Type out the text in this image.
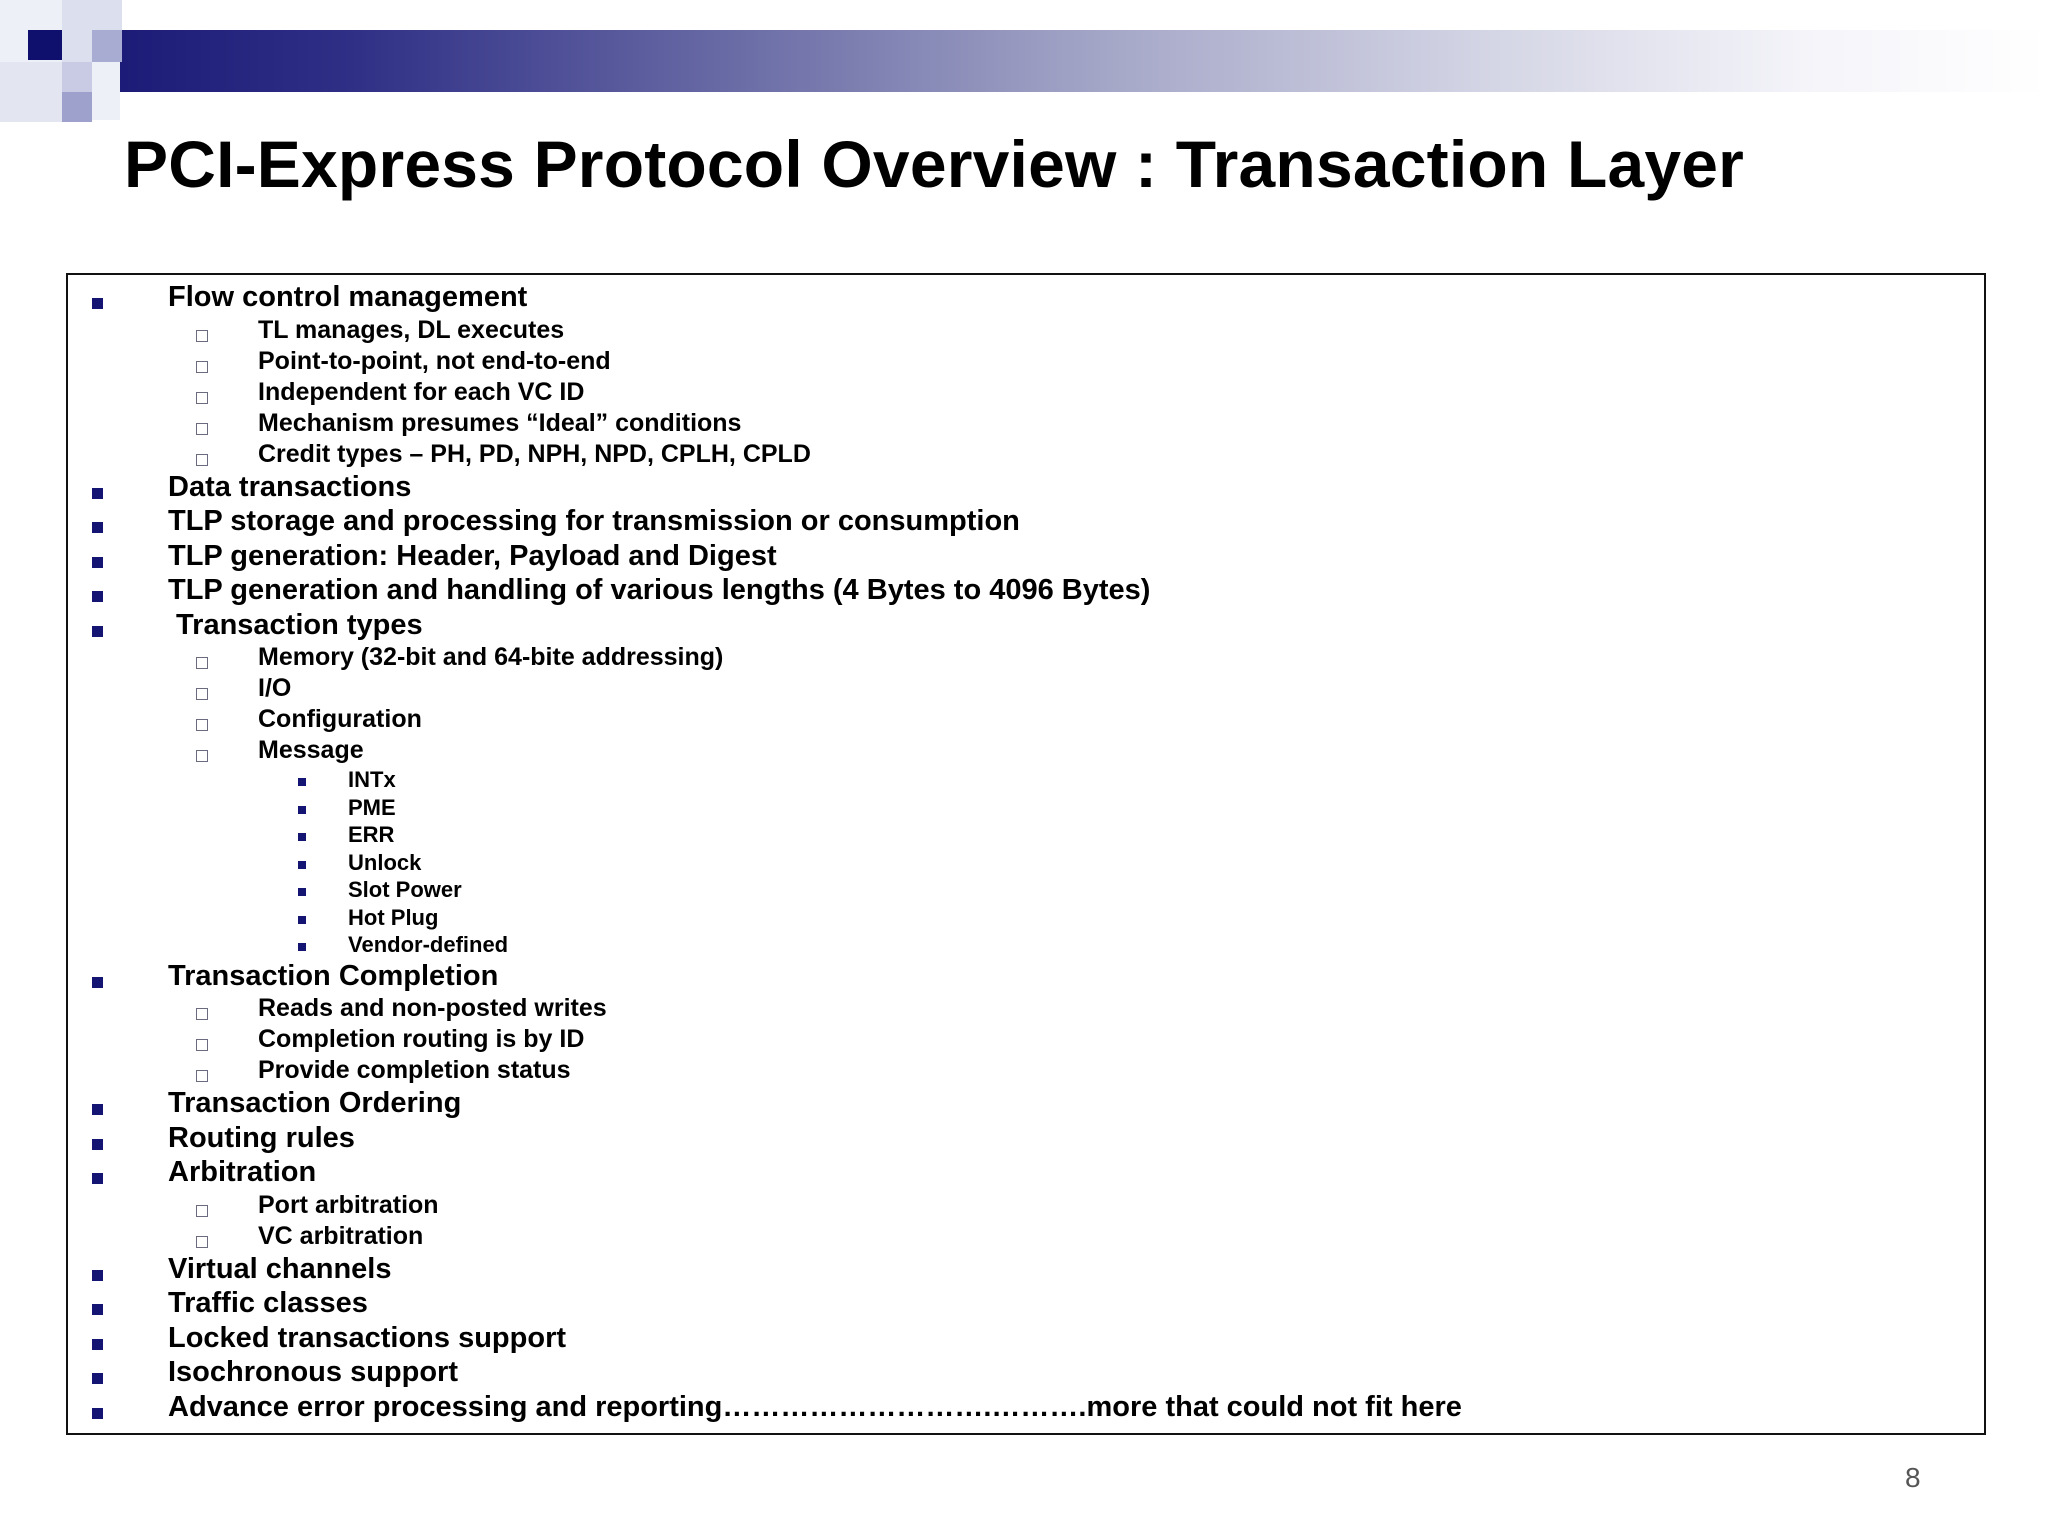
PCI-Express Protocol Overview : Transaction Layer
Flow control management
TL manages, DL executes
Point-to-point, not end-to-end
Independent for each VC ID
Mechanism presumes “Ideal” conditions
Credit types – PH, PD, NPH, NPD, CPLH, CPLD
Data transactions
TLP storage and processing for transmission or consumption
TLP generation: Header, Payload and Digest
TLP generation and handling of various lengths (4 Bytes to 4096 Bytes)
Transaction types
Memory (32-bit and 64-bite addressing)
I/O
Configuration
Message
INTx
PME
ERR
Unlock
Slot Power
Hot Plug
Vendor-defined
Transaction Completion
Reads and non-posted writes
Completion routing is by ID
Provide completion status
Transaction Ordering
Routing rules
Arbitration
Port arbitration
VC arbitration
Virtual channels
Traffic classes
Locked transactions support
Isochronous support
Advance error processing and reporting……………………….……….more that could not fit here
8
